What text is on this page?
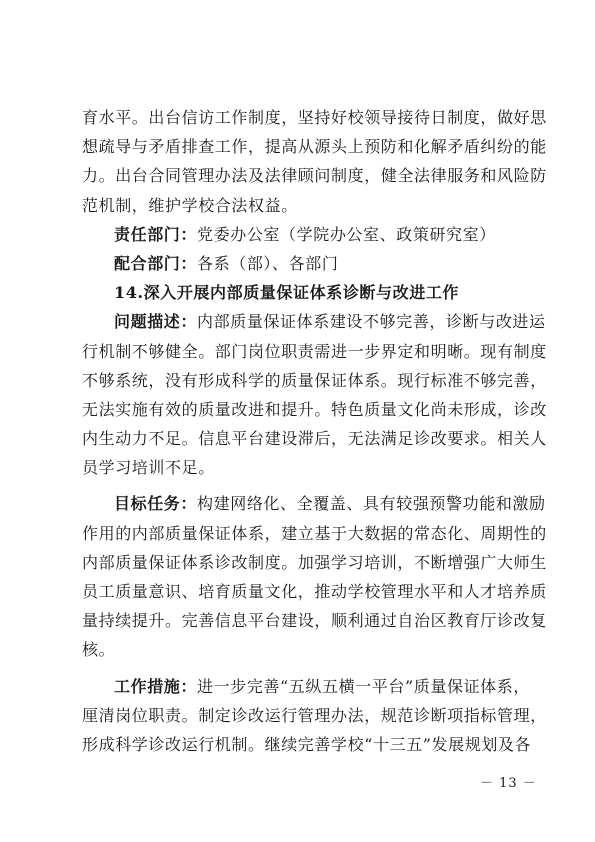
育水平。出台信访工作制度，坚持好校领导接待日制度，做好思
想疏导与矛盾排查工作，提高从源头上预防和化解矛盾纠纷的能
力。出台合同管理办法及法律顾问制度，健全法律服务和风险防
范机制，维护学校合法权益。
责任部门：党委办公室（学院办公室、政策研究室）
配合部门：各系（部）、各部门
14.深入开展内部质量保证体系诊断与改进工作
问题描述：内部质量保证体系建设不够完善，诊断与改进运
行机制不够健全。部门岗位职责需进一步界定和明晰。现有制度
不够系统，没有形成科学的质量保证体系。现行标准不够完善，
无法实施有效的质量改进和提升。特色质量文化尚未形成，诊改
内生动力不足。信息平台建设滞后，无法满足诊改要求。相关人
员学习培训不足。
目标任务：构建网络化、全覆盖、具有较强预警功能和激励
作用的内部质量保证体系，建立基于大数据的常态化、周期性的
内部质量保证体系诊改制度。加强学习培训，不断增强广大师生
员工质量意识、培育质量文化，推动学校管理水平和人才培养质
量持续提升。完善信息平台建设，顺利通过自治区教育厅诊改复
核。
工作措施：进一步完善“五纵五横一平台”质量保证体系，
厘清岗位职责。制定诊改运行管理办法，规范诊断项指标管理，
形成科学诊改运行机制。继续完善学校“十三五”发展规划及各
－ 13 －
